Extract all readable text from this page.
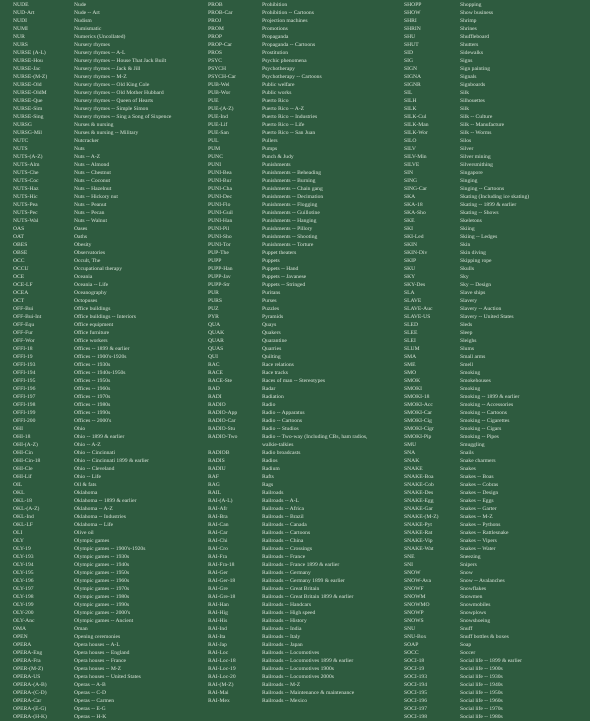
NUDE	Nude
NUD-Art	Nude -- Art
NUDI	Nudism
NUMI	Numismatic
NUR	Numerics (Uncollated)
NURS	Nursery rhymes
NURSE (A-L)	Nursery rhymes -- A-L
NURSE-Hou	Nursery rhymes -- House That Jack Built
NURSE-Jac	Nursery rhymes -- Jack & Jill
NURSE-(M-Z)	Nursery rhymes -- M-Z
NURSE-Old	Nursery rhymes -- Old King Cole
NURSE-OldM	Nursery rhymes -- Old Mother Hubbard
NURSE-Que	Nursery rhymes -- Queen of Hearts
NURSE-Sim	Nursery rhymes -- Simple Simon
NURSE-Sing	Nursery rhymes -- Sing a Song of Sixpence
NURSG	Nurses & nursing
NURSG-Mil	Nurses & nursing -- Military
NUTC	Nutcracker
NUTS	Nuts
NUTS-(A-Z)	Nuts -- A-Z
NUTS-Alm	Nuts -- Almond
NUTS-Che	Nuts -- Chestnut
NUTS-Coc	Nuts -- Coconut
NUTS-Haz	Nuts -- Hazelnut
NUTS-Hic	Nuts -- Hickory nut
NUTS-Pea	Nuts -- Peanut
NUTS-Pec	Nuts -- Pecan
NUTS-Wal	Nuts -- Walnut
OAS	Oases
OAT	Oaths
OBES	Obesity
OBSE	Observatories
OCC	Occult, The
OCCU	Occupational therapy
OCE	Oceania
OCE-LF	Oceania -- Life
OCEA	Oceanography
OCT	Octopuses
OFF-Bui	Office buildings
OFF-Bui-Int	Office buildings -- Interiors
OFF-Equ	Office equipment
OFF-Fur	Office furniture
OFF-Wor	Office workers
OFFI-18	Offices -- 1899 & earlier
OFFI-19	Offices -- 1900's-1920s
OFFI-193	Offices -- 1930s
OFFI-194	Offices -- 1940s-1950s
OFFI-195	Offices -- 1950s
OFFI-196	Offices -- 1960s
OFFI-197	Offices -- 1970s
OFFI-198	Offices -- 1980s
OFFI-199	Offices -- 1990s
OFFI-200	Offices -- 2000's
OHI	Ohio
OHI-18	Ohio -- 1899 & earlier
OHI-(A-Z)	Ohio -- A-Z
OHI-Cin	Ohio -- Cincinnati
OHI-Cin-18	Ohio -- Cincinnati 1899 & earlier
OHI-Cle	Ohio -- Cleveland
OHI-Lif	Ohio -- Life
OIL	Oil & fats
OKL	Oklahoma
OKL-18	Oklahoma -- 1899 & earlier
OKL-(A-Z)	Oklahoma -- A-Z
OKL-Ind	Oklahoma -- Industries
OKL-LF	Oklahoma -- Life
OLI	Olive oil
OLY	Olympic games
OLY-19	Olympic games -- 1900's-1920s
OLY-193	Olympic games -- 1930s
OLY-194	Olympic games -- 1940s
OLY-195	Olympic games -- 1950s
OLY-196	Olympic games -- 1960s
OLY-197	Olympic games -- 1970s
OLY-198	Olympic games -- 1980s
OLY-199	Olympic games -- 1990s
OLY-200	Olympic games -- 2000's
OLY-Anc	Olympic games -- Ancient
OMA	Oman
OPEN	Opening ceremonies
OPERA	Opera houses -- A-L
OPERA-Eng	Opera houses -- England
OPERA-Fra	Opera houses -- France
OPER-(M-Z)	Opera houses -- M-Z
OPERA-US	Opera houses -- United States
OPERA-(A-B)	Operas -- A-B
OPERA-(C-D)	Operas -- C-D
OPERA-Car	Operas -- Carmen
OPERA-(E-G)	Operas -- E-G
OPERA-(H-K)	Operas -- H-K
PROB	Prohibition
PROB-Car	Prohibition -- Cartoons
PROJ	Projection machines
PROM	Promotions
PROP	Propaganda
PROP-Car	Propaganda -- Cartoons
PROS	Prostitution
PSYC	Psychic phenomena
PSYCH	Psychotherapy
PSYCH-Car	Psychotherapy -- Cartoons
PUB-Wel	Public welfare
PUB-Wor	Public works
PUE	Puerto Rico
PUE-(A-Z)	Puerto Rico -- A-Z
PUE-Ind	Puerto Rico -- Industries
PUE-Lif	Puerto Rico -- Life
PUE-San	Puerto Rico -- San Juan
PUL	Pullers
PUM	Pumps
PUNC	Punch & Judy
PUNI	Punishments
PUNI-Bea	Punishments -- Beheading
PUNI-Bur	Punishments -- Burning
PUNI-Cha	Punishments -- Chain gang
PUNI-Dec	Punishments -- Decimation
PUNI-Flo	Punishments -- Flogging
PUNI-Guil	Punishments -- Guillotine
PUNI-Han	Punishments -- Hanging
PUNI-Pil	Punishments -- Pillory
PUNI-Sho	Punishments -- Shooting
PUNI-Tor	Punishments -- Torture
PUP-The	Puppet theaters
PUPP	Puppets
PUPP-Han	Puppets -- Hand
PUPP-Jav	Puppets -- Javanese
PUPP-Str	Puppets -- Stringed
PUR	Puritans
PURS	Purses
PUZ	Puzzles
PYR	Pyramids
QUA	Quays
QUAK	Quakers
QUAR	Quarantine
QUAS	Quarries
QUI	Quilting
RAC	Race relations
RACE	Race tracks
RACE-Ste	Races of man -- Stereotypes
RAD	Radar
RADI	Radiation
RADIO	Radio
RADIO-App	Radio -- Apparatus
RADIO-Car	Radio -- Cartoons
RADIO-Stu	Radio -- Studios
RADIO-Two	Radio -- Two-way (Including CBs, ham radios,
walkie-talkies
RADIOB	Radio broadcasts
RADIS	Radios
RADIU	Radium
RAF	Rafts
RAG	Rags
RAIL	Railroads
RAI-(A-L)	Railroads -- A-L
RAI-Afr	Railroads -- Africa
RAI-Bra	Railroads -- Brazil
RAI-Can	Railroads -- Canada
RAI-Car	Railroads -- Cartoons
RAI-Chi	Railroads -- China
RAI-Cro	Railroads -- Crossings
RAI-Fra	Railroads -- France
RAI-Fra-18	Railroads -- France 1899 & earlier
RAI-Ger	Railroads -- Germany
RAI-Ger-18	Railroads -- Germany 1899 & earlier
RAI-Gre	Railroads -- Great Britain
RAI-Gre-18	Railroads -- Great Britain 1899 & earlier
RAI-Han	Railroads -- Handcars
RAI-Hig	Railroads -- High speed
RAI-His	Railroads -- History
RAI-Ind	Railroads -- India
RAI-Ita	Railroads -- Italy
RAI-Jap	Railroads -- Japan
RAI-Loc	Railroads -- Locomotives
RAI-Loc-18	Railroads -- Locomotives 1899 & earlier
RAI-Loc-19	Railroads -- Locomotives 1900s
RAI-Loc-20	Railroads -- Locomotives 2000s
RAI-(M-Z)	Railroads -- M-Z
RAI-Mai	Railroads -- Maintenance & maintenance
RAI-Mex	Railroads -- Mexico
SHOPP	Shopping
SHOW	Show business
SHRI	Shrimp
SHRIN	Shrines
SHU	Shuffleboard
SHUT	Shutters
SID	Sidewalks
SIG	Signs
SIGN	Sign painting
SIGNA	Signals
SIGNR	Signboards
SIL	Silk
SILH	Silhouettes
SILK	Silk
SILK-Cul	Silk -- Culture
SILK-Man	Silk -- Manufacture
SILK-Wor	Silk -- Worms
SILO	Silos
SILV	Silver
SILV-Min	Silver mining
SILVE	Silversmithing
SIN	Singapore
SING	Singing
SING-Car	Singing -- Cartoons
SKA	Skating (Including ice skating)
SKA-18	Skating -- 1899 & earlier
SKA-Sho	Skating -- Shows
SKE	Skeletons
SKI	Skiing
SKI-Led	Skiing -- Ledges
SKIN	Skin
SKIN-Div	Skin diving
SKIP	Skipping rope
SKU	Skulls
SKY	Sky
SKY-Des	Sky -- Design
SLA	Slave ships
SLAVE	Slavery
SLAVE-Auc	Slavery -- Auction
SLAVE-US	Slavery -- United States
SLED	Sleds
SLEE	Sleep
SLEI	Sleighs
SLUM	Slums
SMA	Small arms
SME	Smell
SMO	Smoking
SMOK	Smokehouses
SMOKI	Smoking
SMOKI-18	Smoking -- 1899 & earlier
SMOKI-Acc	Smoking -- Accessories
SMOKI-Car	Smoking -- Cartoons
SMOKI-Cig	Smoking -- Cigarettes
SMOKI-Cigr	Smoking -- Cigars
SMOKI-Pip	Smoking -- Pipes
SMU	Smuggling
SNA	Snails
SNAK	Snake charmers
SNAKE	Snakes
SNAKE-Boa	Snakes -- Boas
SNAKE-Cob	Snakes -- Cobras
SNAKE-Des	Snakes -- Design
SNAKE-Egg	Snakes -- Eggs
SNAKE-Gar	Snakes -- Garter
SNAKE-(M-Z)	Snakes -- M-Z
SNAKE-Pyt	Snakes -- Pythons
SNAKE-Rat	Snakes -- Rattlesnake
SNAKE-Vip	Snakes -- Vipers
SNAKE-Wat	Snakes -- Water
SNE	Sneezing
SNI	Snipers
SNOW	Snow
SNOW-Ava	Snow -- Avalanches
SNOWF	Snowflakes
SNOWM	Snowmen
SNOWMO	Snowmobiles
SNOWP	Snowplows
SNOWS	Snowshoeing
SNU	Snuff
SNU-Box	Snuff bottles & boxes
SOAP	Soap
SOCC	Soccer
SOCI-18	Social life -- 1899 & earlier
SOCI-19	Social life -- 1900s
SOCI-193	Social life -- 1930s
SOCI-194	Social life -- 1940s
SOCI-195	Social life -- 1950s
SOCI-196	Social life -- 1960s
SOCI-197	Social life -- 1970s
SOCI-198	Social life -- 1980s
